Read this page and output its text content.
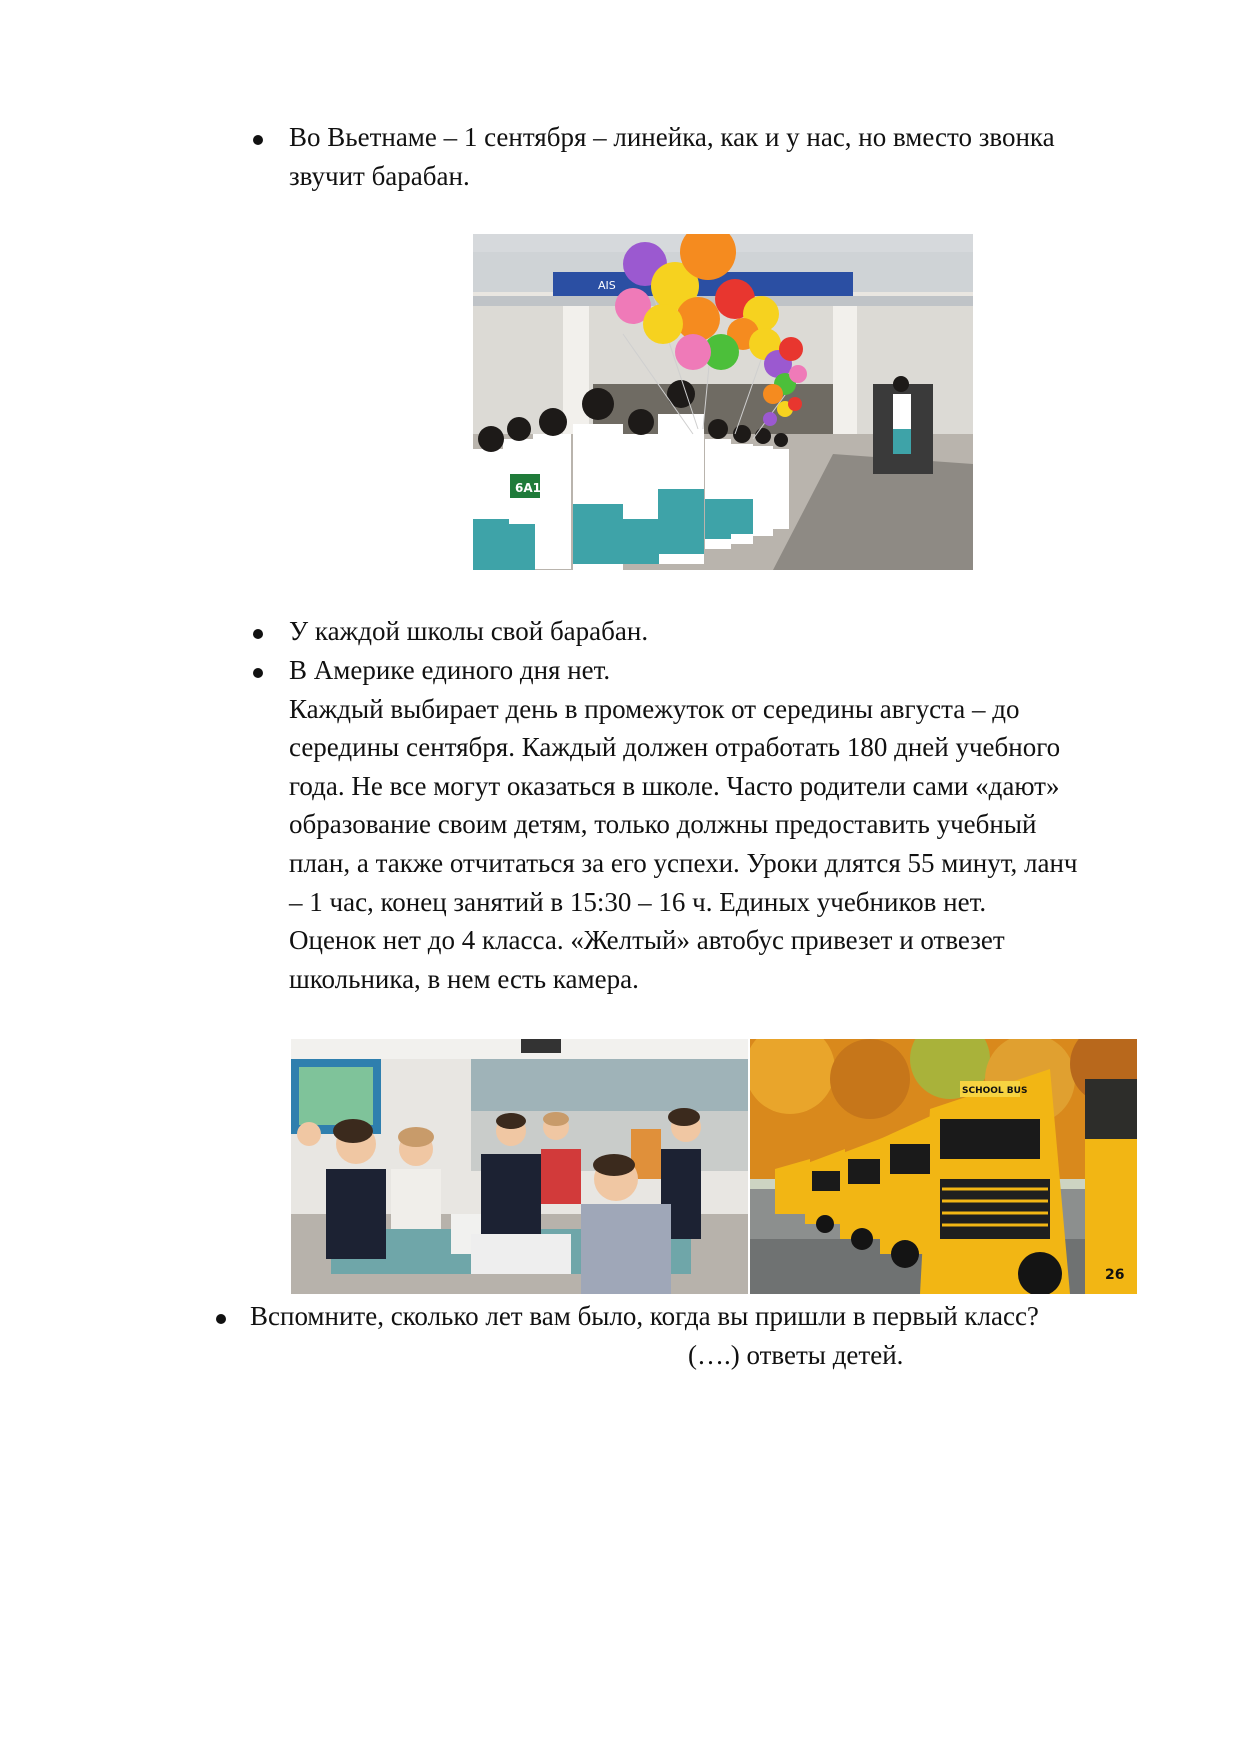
Во Вьетнаме – 1 сентября – линейка, как и у нас, но вместо звонка
звучит барабан.
AIS
6A1
У каждой школы свой барабан.
В Америке единого дня нет.
Каждый выбирает день в промежуток от середины августа – до
середины сентября. Каждый должен отработать 180 дней учебного
года. Не все могут оказаться в школе. Часто родители сами «дают»
образование своим детям, только должны предоставить учебный
план, а также отчитаться за его успехи. Уроки длятся 55 минут, ланч
– 1 час, конец занятий в 15:30 – 16 ч. Единых учебников нет.
Оценок нет до 4 класса. «Желтый» автобус привезет и отвезет
школьника, в нем есть камера.
SCHOOL BUS
26
Вспомните, сколько лет вам было, когда вы пришли в первый класс?
(….) ответы детей.
